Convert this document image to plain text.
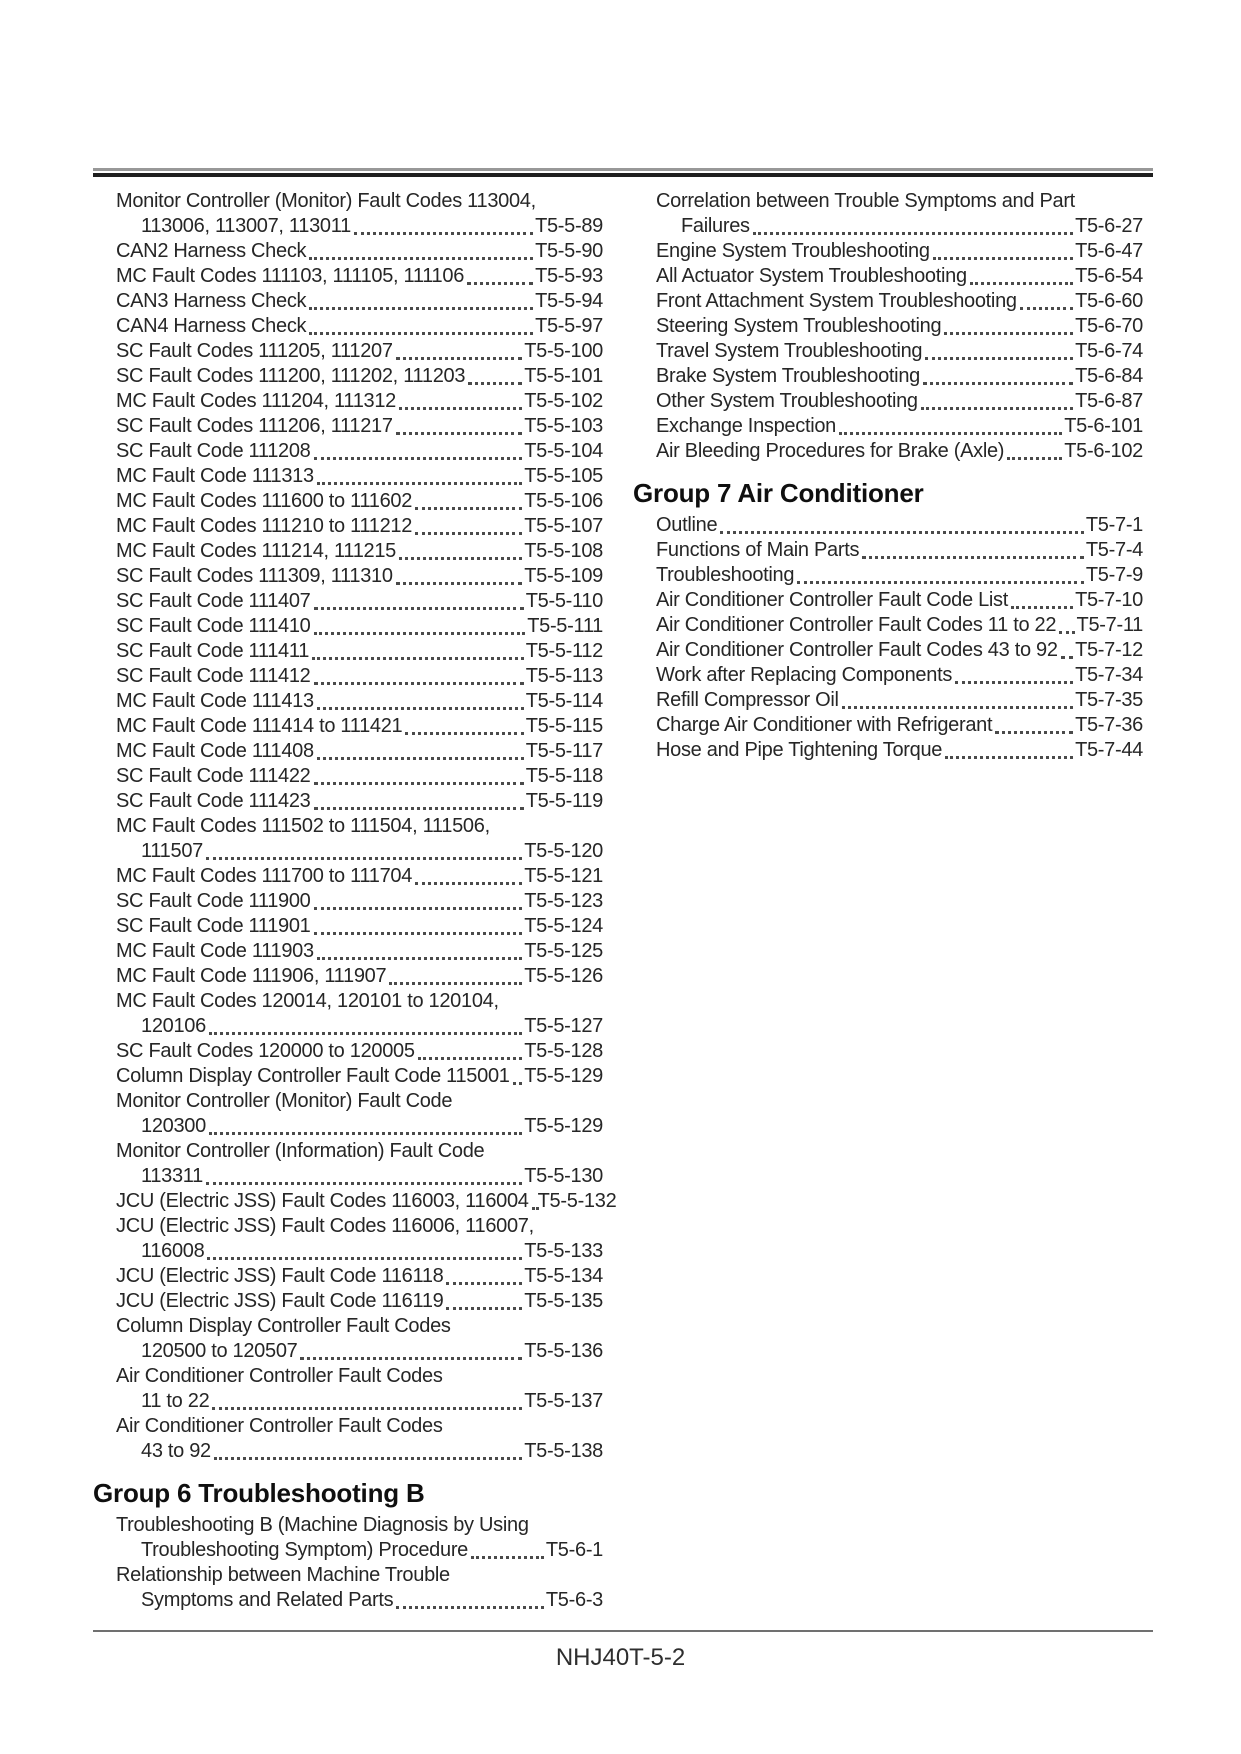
Monitor Controller (Monitor) Fault Codes 113004,
113006, 113007, 113011	T5-5-89
CAN2 Harness Check	T5-5-90
MC Fault Codes 111103, 111105, 111106	T5-5-93
CAN3 Harness Check	T5-5-94
CAN4 Harness Check	T5-5-97
SC Fault Codes 111205, 111207	T5-5-100
SC Fault Codes 111200, 111202, 111203	T5-5-101
MC Fault Codes 111204, 111312	T5-5-102
SC Fault Codes 111206, 111217	T5-5-103
SC Fault Code 111208	T5-5-104
MC Fault Code 111313	T5-5-105
MC Fault Codes 111600 to 111602	T5-5-106
MC Fault Codes 111210 to 111212	T5-5-107
MC Fault Codes 111214, 111215	T5-5-108
SC Fault Codes 111309, 111310	T5-5-109
SC Fault Code 111407	T5-5-110
SC Fault Code 111410	T5-5-111
SC Fault Code 111411	T5-5-112
SC Fault Code 111412	T5-5-113
MC Fault Code 111413	T5-5-114
MC Fault Code 111414 to 111421	T5-5-115
MC Fault Code 111408	T5-5-117
SC Fault Code 111422	T5-5-118
SC Fault Code 111423	T5-5-119
MC Fault Codes 111502 to 111504, 111506,
111507	T5-5-120
MC Fault Codes 111700 to 111704	T5-5-121
SC Fault Code 111900	T5-5-123
SC Fault Code 111901	T5-5-124
MC Fault Code 111903	T5-5-125
MC Fault Code 111906, 111907	T5-5-126
MC Fault Codes 120014, 120101 to 120104,
120106	T5-5-127
SC Fault Codes 120000 to 120005	T5-5-128
Column Display Controller Fault Code 115001 T5-5-129
Monitor Controller (Monitor) Fault Code
120300	T5-5-129
Monitor Controller (Information) Fault Code
113311	T5-5-130
JCU (Electric JSS) Fault Codes 116003, 116004 T5-5-132
JCU (Electric JSS) Fault Codes 116006, 116007,
116008	T5-5-133
JCU (Electric JSS) Fault Code 116118	T5-5-134
JCU (Electric JSS) Fault Code 116119	T5-5-135
Column Display Controller Fault Codes
120500 to 120507	T5-5-136
Air Conditioner Controller Fault Codes
11 to 22	T5-5-137
Air Conditioner Controller Fault Codes
43 to 92	T5-5-138
Group 6 Troubleshooting B
Troubleshooting B (Machine Diagnosis by Using
Troubleshooting Symptom) Procedure	T5-6-1
Relationship between Machine Trouble
Symptoms and Related Parts	T5-6-3
Correlation between Trouble Symptoms and Part
Failures	T5-6-27
Engine System Troubleshooting	T5-6-47
All Actuator System Troubleshooting	T5-6-54
Front Attachment System Troubleshooting	T5-6-60
Steering System Troubleshooting	T5-6-70
Travel System Troubleshooting	T5-6-74
Brake System Troubleshooting	T5-6-84
Other System Troubleshooting	T5-6-87
Exchange Inspection	T5-6-101
Air Bleeding Procedures for Brake (Axle)	T5-6-102
Group 7 Air Conditioner
Outline	T5-7-1
Functions of Main Parts	T5-7-4
Troubleshooting	T5-7-9
Air Conditioner Controller Fault Code List	T5-7-10
Air Conditioner Controller Fault Codes 11 to 22 T5-7-11
Air Conditioner Controller Fault Codes 43 to 92 T5-7-12
Work after Replacing Components	T5-7-34
Refill Compressor Oil	T5-7-35
Charge Air Conditioner with Refrigerant	T5-7-36
Hose and Pipe Tightening Torque	T5-7-44
NHJ40T-5-2
